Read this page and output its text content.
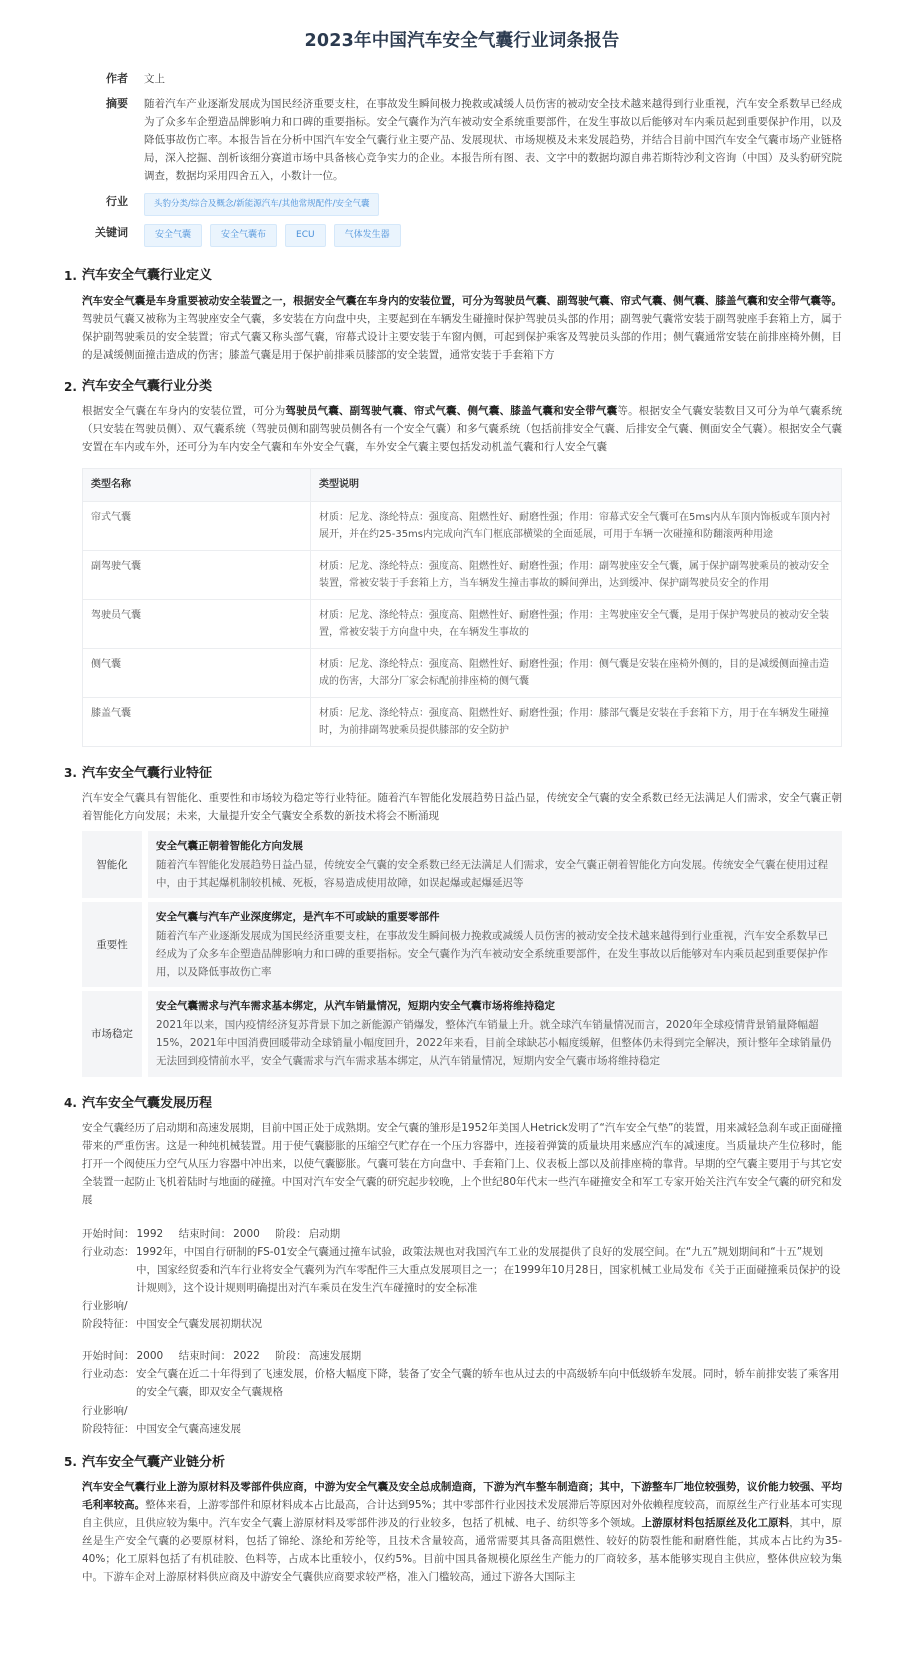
2023年中国汽车安全气囊行业词条报告
作者	文上
摘要	随着汽车产业逐渐发展成为国民经济重要支柱，在事故发生瞬间极力挽救或减缓人员伤害的被动安全技术越来越得到行业重视，汽车安全系数早已经成为了众多车企塑造品牌影响力和口碑的重要指标。安全气囊作为汽车被动安全系统重要部件，在发生事故以后能够对车内乘员起到重要保护作用，以及降低事故伤亡率。本报告旨在分析中国汽车安全气囊行业主要产品、发展现状、市场规模及未来发展趋势，并结合目前中国汽车安全气囊市场产业链格局，深入挖掘、剖析该细分赛道市场中具备核心竞争实力的企业。本报告所有图、表、文字中的数据均源自弗若斯特沙利文咨询（中国）及头豹研究院调查，数据均采用四舍五入，小数计一位。
行业	头豹分类/综合及概念/新能源汽车/其他常规配件/安全气囊
关键词	安全气囊	安全气囊布	ECU	气体发生器
1. 汽车安全气囊行业定义

汽车安全气囊是车身重要被动安全装置之一，根据安全气囊在车身内的安装位置，可分为驾驶员气囊、副驾驶气囊、帘式气囊、侧气囊、膝盖气囊和安全带气囊等。驾驶员气囊又被称为主驾驶座安全气囊，多安装在方向盘中央，主要起到在车辆发生碰撞时保护驾驶员头部的作用；副驾驶气囊常安装于副驾驶座手套箱上方，属于保护副驾驶乘员的安全装置；帘式气囊又称头部气囊，帘幕式设计主要安装于车窗内侧，可起到保护乘客及驾驶员头部的作用；侧气囊通常安装在前排座椅外侧，目的是减缓侧面撞击造成的伤害；膝盖气囊是用于保护前排乘员膝部的安全装置，通常安装于手套箱下方

2. 汽车安全气囊行业分类

根据安全气囊在车身内的安装位置，可分为驾驶员气囊、副驾驶气囊、帘式气囊、侧气囊、膝盖气囊和安全带气囊等。根据安全气囊安装数目又可分为单气囊系统（只安装在驾驶员侧）、双气囊系统（驾驶员侧和副驾驶员侧各有一个安全气囊）和多气囊系统（包括前排安全气囊、后排安全气囊、侧面安全气囊）。根据安全气囊安置在车内或车外，还可分为车内安全气囊和车外安全气囊，车外安全气囊主要包括发动机盖气囊和行人安全气囊

类型名称	类型说明
帘式气囊	材质：尼龙、涤纶特点：强度高、阻燃性好、耐磨性强；作用：帘幕式安全气囊可在5ms内从车顶内饰板或车顶内衬展开，并在约25-35ms内完成向汽车门框底部横梁的全面延展，可用于车辆一次碰撞和防翻滚两种用途
副驾驶气囊	材质：尼龙、涤纶特点：强度高、阻燃性好、耐磨性强；作用：副驾驶座安全气囊，属于保护副驾驶乘员的被动安全装置，常被安装于手套箱上方，当车辆发生撞击事故的瞬间弹出，达到缓冲、保护副驾驶员安全的作用
驾驶员气囊	材质：尼龙、涤纶特点：强度高、阻燃性好、耐磨性强；作用：主驾驶座安全气囊，是用于保护驾驶员的被动安全装置，常被安装于方向盘中央，在车辆发生事故的
侧气囊	材质：尼龙、涤纶特点：强度高、阻燃性好、耐磨性强；作用：侧气囊是安装在座椅外侧的，目的是减缓侧面撞击造成的伤害，大部分厂家会标配前排座椅的侧气囊
膝盖气囊	材质：尼龙、涤纶特点：强度高、阻燃性好、耐磨性强；作用：膝部气囊是安装在手套箱下方，用于在车辆发生碰撞时，为前排副驾驶乘员提供膝部的安全防护
3. 汽车安全气囊行业特征

汽车安全气囊具有智能化、重要性和市场较为稳定等行业特征。随着汽车智能化发展趋势日益凸显，传统安全气囊的安全系数已经无法满足人们需求，安全气囊正朝着智能化方向发展；未来，大量提升安全气囊安全系数的新技术将会不断涌现

智能化
安全气囊正朝着智能化方向发展
随着汽车智能化发展趋势日益凸显，传统安全气囊的安全系数已经无法满足人们需求，安全气囊正朝着智能化方向发展。传统安全气囊在使用过程中，由于其起爆机制较机械、死板，容易造成使用故障，如误起爆或起爆延迟等
重要性
安全气囊与汽车产业深度绑定，是汽车不可或缺的重要零部件
随着汽车产业逐渐发展成为国民经济重要支柱，在事故发生瞬间极力挽救或减缓人员伤害的被动安全技术越来越得到行业重视，汽车安全系数早已经成为了众多车企塑造品牌影响力和口碑的重要指标。安全气囊作为汽车被动安全系统重要部件，在发生事故以后能够对车内乘员起到重要保护作用，以及降低事故伤亡率
市场稳定
安全气囊需求与汽车需求基本绑定，从汽车销量情况，短期内安全气囊市场将维持稳定
2021年以来，国内疫情经济复苏背景下加之新能源产销爆发，整体汽车销量上升。就全球汽车销量情况而言，2020年全球疫情背景销量降幅超15%，2021年中国消费回暖带动全球销量小幅度回升，2022年来看，目前全球缺芯小幅度缓解，但整体仍未得到完全解决，预计整年全球销量仍无法回到疫情前水平，安全气囊需求与汽车需求基本绑定，从汽车销量情况，短期内安全气囊市场将维持稳定
4. 汽车安全气囊发展历程

安全气囊经历了启动期和高速发展期，目前中国正处于成熟期。安全气囊的雏形是1952年美国人Hetrick发明了“汽车安全气垫”的装置，用来减轻急刹车或正面碰撞带来的严重伤害。这是一种纯机械装置。用于使气囊膨胀的压缩空气贮存在一个压力容器中，连接着弹簧的质量块用来感应汽车的减速度。当质量块产生位移时，能打开一个阀使压力空气从压力容器中冲出来，以使气囊膨胀。气囊可装在方向盘中、手套箱门上、仪表板上部以及前排座椅的靠背。早期的空气囊主要用于与其它安全装置一起防止飞机着陆时与地面的碰撞。中国对汽车安全气囊的研究起步较晚，上个世纪80年代末一些汽车碰撞安全和军工专家开始关注汽车安全气囊的研究和发展

开始时间： 1992 结束时间： 2000 阶段： 启动期
行业动态： 1992年，中国自行研制的FS-01安全气囊通过撞车试验，政策法规也对我国汽车工业的发展提供了良好的发展空间。在“九五”规划期间和“十五”规划中，国家经贸委和汽车行业将安全气囊列为汽车零配件三大重点发展项目之一；在1999年10月28日，国家机械工业局发布《关于正面碰撞乘员保护的设计规则》，这个设计规则明确提出对汽车乘员在发生汽车碰撞时的安全标准
行业影响/
阶段特征： 中国安全气囊发展初期状况
开始时间： 2000 结束时间： 2022 阶段： 高速发展期
行业动态： 安全气囊在近二十年得到了飞速发展，价格大幅度下降，装备了安全气囊的轿车也从过去的中高级轿车向中低级轿车发展。同时，轿车前排安装了乘客用的安全气囊，即双安全气囊规格
行业影响/
阶段特征： 中国安全气囊高速发展
5. 汽车安全气囊产业链分析

汽车安全气囊行业上游为原材料及零部件供应商，中游为安全气囊及安全总成制造商，下游为汽车整车制造商；其中，下游整车厂地位较强势，议价能力较强、平均毛利率较高。整体来看，上游零部件和原材料成本占比最高，合计达到95%；其中零部件行业因技术发展滞后等原因对外依赖程度较高，而原丝生产行业基本可实现自主供应，且供应较为集中。汽车安全气囊上游原材料及零部件涉及的行业较多，包括了机械、电子、纺织等多个领域。上游原材料包括原丝及化工原料，其中，原丝是生产安全气囊的必要原材料，包括了锦纶、涤纶和芳纶等，且技术含量较高，通常需要其具备高阻燃性、较好的防裂性能和耐磨性能，其成本占比约为35-40%；化工原料包括了有机硅胶、色料等，占成本比重较小，仅约5%。目前中国具备规模化原丝生产能力的厂商较多，基本能够实现自主供应，整体供应较为集中。下游车企对上游原材料供应商及中游安全气囊供应商要求较严格，准入门槛较高，通过下游各大国际主
